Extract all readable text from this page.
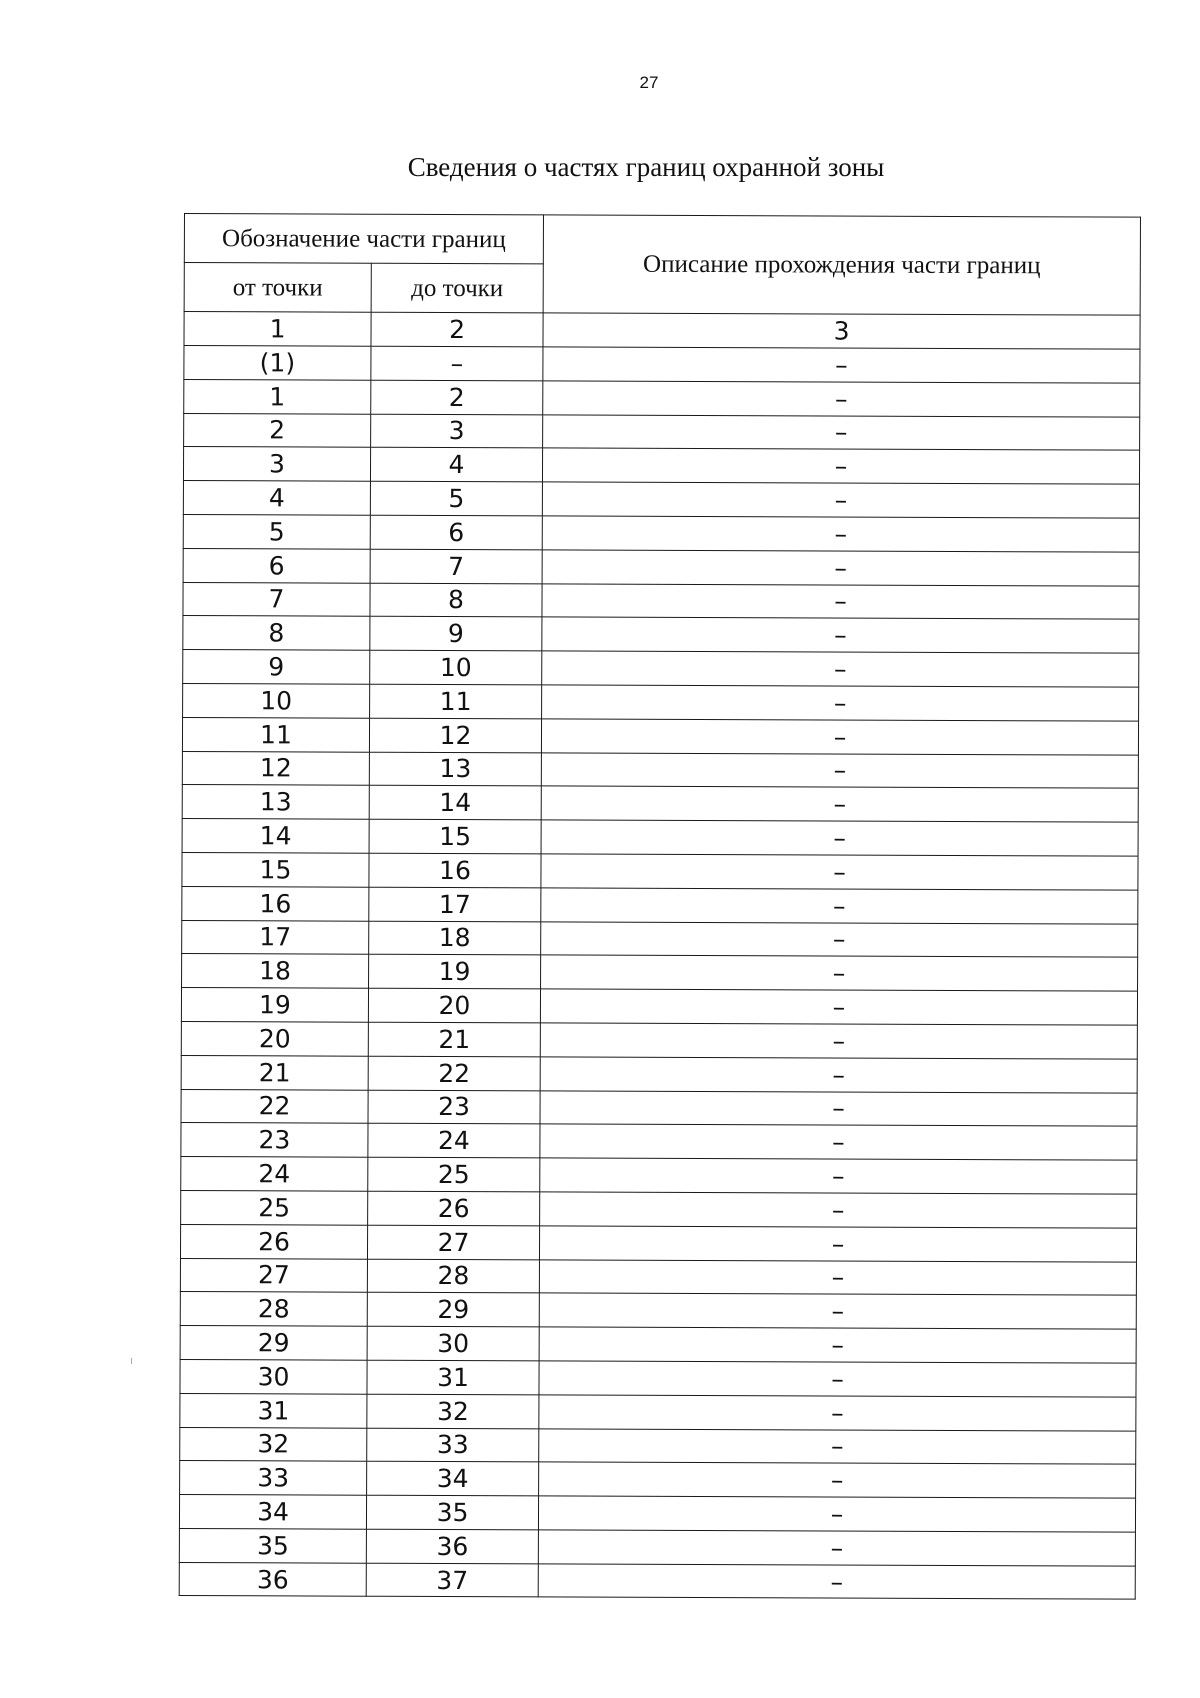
27
Сведения о частях границ охранной зоны
Обозначение части границ		Описание прохождения части границ
от точки	до точки	
1	2	3
(1)	–	–
1	2	–
2	3	–
3	4	–
4	5	–
5	6	–
6	7	–
7	8	–
8	9	–
9	10	–
10	11	–
11	12	–
12	13	–
13	14	–
14	15	–
15	16	–
16	17	–
17	18	–
18	19	–
19	20	–
20	21	–
21	22	–
22	23	–
23	24	–
24	25	–
25	26	–
26	27	–
27	28	–
28	29	–
29	30	–
30	31	–
31	32	–
32	33	–
33	34	–
34	35	–
35	36	–
36	37	–
